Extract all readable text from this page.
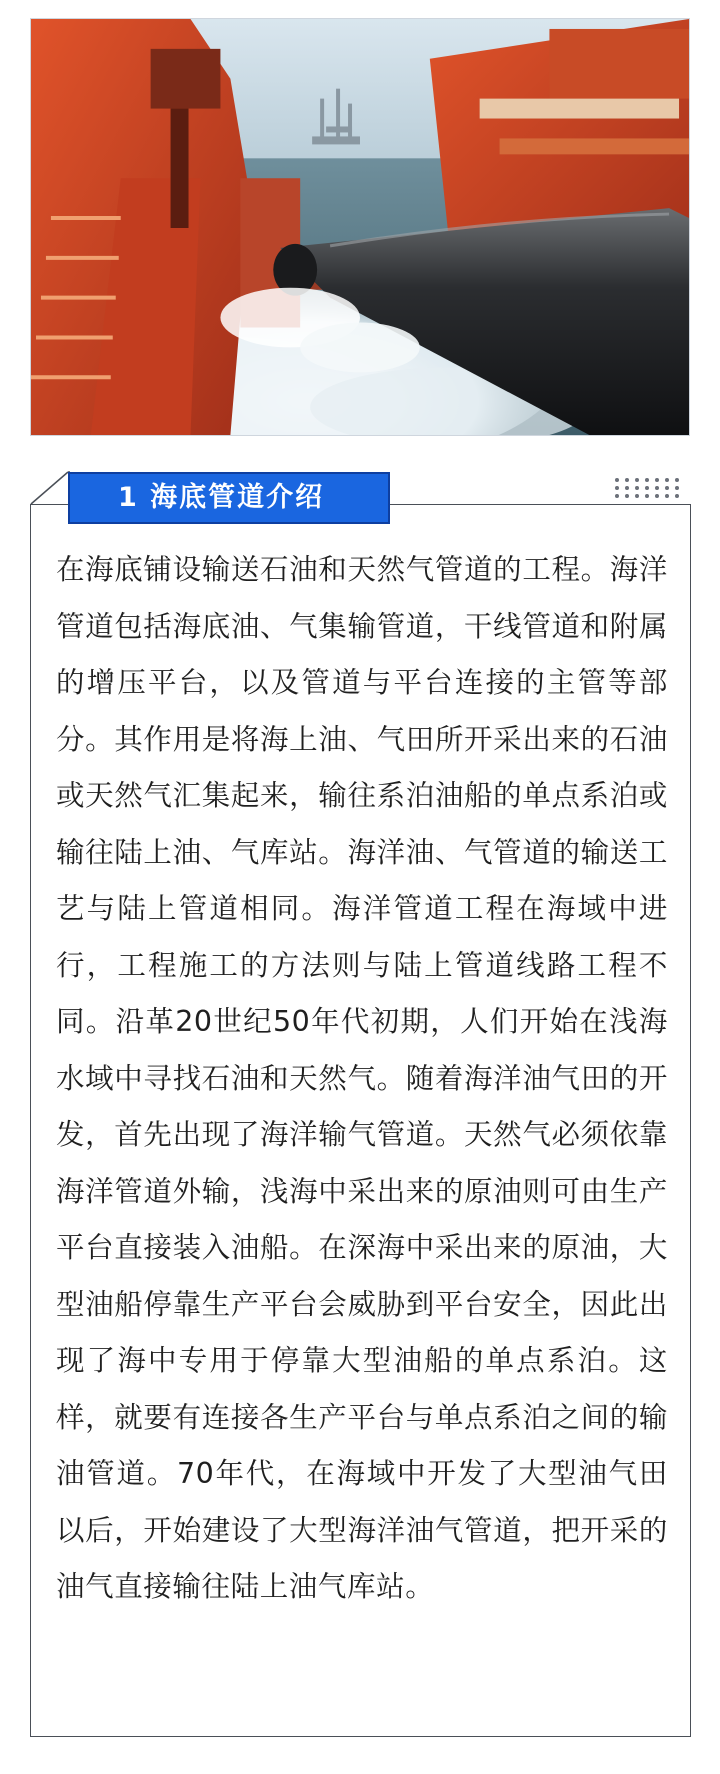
1 海底管道介绍

在海底铺设输送石油和天然气管道的工程。海洋管道包括海底油、气集输管道，干线管道和附属的增压平台，以及管道与平台连接的主管等部分。其作用是将海上油、气田所开采出来的石油或天然气汇集起来，输往系泊油船的单点系泊或输往陆上油、气库站。海洋油、气管道的输送工艺与陆上管道相同。海洋管道工程在海域中进行，工程施工的方法则与陆上管道线路工程不同。沿革20世纪50年代初期，人们开始在浅海水域中寻找石油和天然气。随着海洋油气田的开发，首先出现了海洋输气管道。天然气必须依靠海洋管道外输，浅海中采出来的原油则可由生产平台直接装入油船。在深海中采出来的原油，大型油船停靠生产平台会威胁到平台安全，因此出现了海中专用于停靠大型油船的单点系泊。这样，就要有连接各生产平台与单点系泊之间的输油管道。70年代，在海域中开发了大型油气田以后，开始建设了大型海洋油气管道，把开采的油气直接输往陆上油气库站。
